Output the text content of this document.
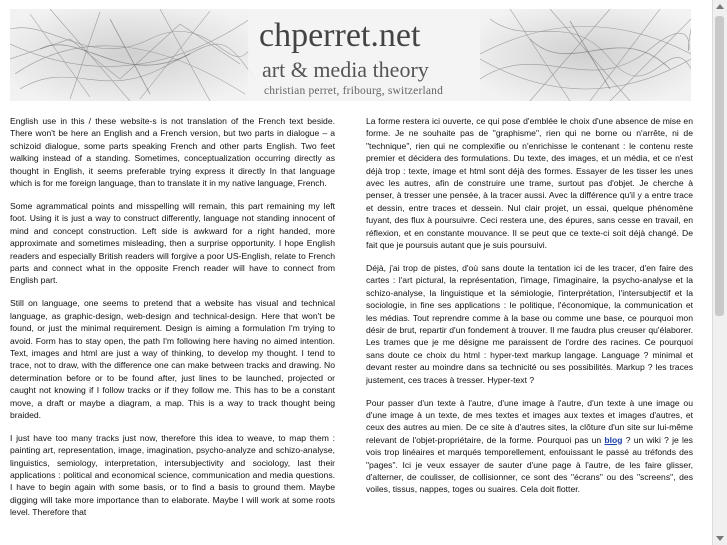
chperret.net
art & media theory
christian perret, fribourg, switzerland

English use in this / these website-s is not translation of the French text beside. There won't be here an English and a French version, but two parts in dialogue – a schizoid dialogue, some parts speaking French and other parts English. Two feet walking instead of a standing. Sometimes, conceptualization occurring directly as thought in English, it seems preferable trying express it directly In that language which is for me foreign language, than to translate it in my native language, French.

Some agrammatical points and misspelling will remain, this part remaining my left foot. Using it is just a way to construct differently, language not standing innocent of mind and concept construction. Left side is awkward for a right handed, more approximate and sometimes misleading, then a surprise opportunity. I hope English readers and especially British readers will forgive a poor US-English, relate to French parts and connect what in the opposite French reader will have to connect from English part.

Still on language, one seems to pretend that a website has visual and technical language, as graphic-design, web-design and technical-design. Here that won't be found, or just the minimal requirement. Design is aiming a formulation I'm trying to avoid. Form has to stay open, the path I'm following here having no aimed intention. Text, images and html are just a way of thinking, to develop my thought. I tend to trace, not to draw, with the difference one can make between tracks and drawing. No determination before or to be found after, just lines to be launched, projected or caught not knowing if I follow tracks or if they follow me. This has to be a constant move, a draft or maybe a diagram, a map. This is a way to track thought being braided.

I just have too many tracks just now, therefore this idea to weave, to map them : painting art, representation, image, imagination, psycho-analyze and schizo-analyse, linguistics, semiology, interpretation, intersubjectivity and sociology, last their applications : political and economical science, communication and media questions. I have to begin again with some basis, or to find a basis to ground them. Maybe digging will take more importance than to elaborate. Maybe I will work at some roots level. Therefore that

La forme restera ici ouverte, ce qui pose d'emblée le choix d'une absence de mise en forme. Je ne souhaite pas de "graphisme", rien qui ne borne ou n'arrête, ni de "technique", rien qui ne complexifie ou n'enrichisse le contenant : le contenu reste premier et décidera des formulations. Du texte, des images, et un média, et ce n'est déjà trop : texte, image et html sont déjà des formes. Essayer de les tisser les unes avec les autres, afin de construire une trame, surtout pas d'objet. Je cherche à penser, à tresser une pensée, à la tracer aussi. Avec la différence qu'il y a entre trace et dessin, entre traces et dessein. Nul clair projet, un essai, quelque phénomène fuyant, des flux à poursuivre. Ceci restera une, des épures, sans cesse en travail, en réflexion, et en constante mouvance. Il se peut que ce texte-ci soit déjà changé. De fait que je poursuis autant que je suis poursuivi.

Déjà, j'ai trop de pistes, d'où sans doute la tentation ici de les tracer, d'en faire des cartes : l'art pictural, la représentation, l'image, l'imaginaire, la psycho-analyse et la schizo-analyse, la linguistique et la sémiologie, l'interprétation, l'intersubjectif et la sociologie, in fine ses applications : le politique, l'économique, la communication et les médias. Tout reprendre comme à la base ou comme une base, ce pourquoi mon désir de brut, repartir d'un fondement à trouver. Il me faudra plus creuser qu'élaborer. Les trames que je me désigne me paraissent de l'ordre des racines. Ce pourquoi sans doute ce choix du html : hyper-text markup langage. Language ? minimal et devant rester au moindre dans sa technicité ou ses possibilités. Markup ? les traces justement, ces traces à tresser. Hyper-text ?

Pour passer d'un texte à l'autre, d'une image à l'autre, d'un texte à une image ou d'une image à un texte, de mes textes et images aux textes et images d'autres, et ceux des autres au mien. De ce site à d'autres sites, la clôture d'un site sur lui-même relevant de l'objet-propriétaire, de la forme. Pourquoi pas un blog ? un wiki ? je les vois trop linéaires et marqués temporellement, enfouissant le passé au tréfonds des "pages". Ici je veux essayer de sauter d'une page à l'autre, de les faire glisser, d'alterner, de coulisser, de collisionner, ce sont des "écrans" ou des "screens", des voiles, tissus, nappes, toges ou suaires. Cela doit flotter.
